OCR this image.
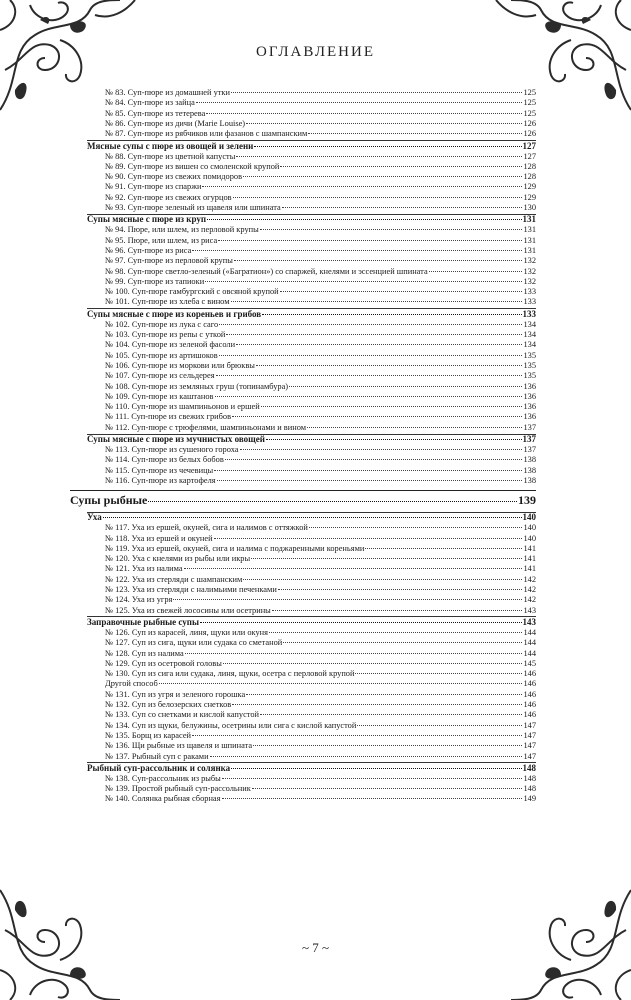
ОГЛАВЛЕНИЕ
№ 83. Суп-пюре из домашней утки	125
№ 84. Суп-пюре из зайца	125
№ 85. Суп-пюре из тетерева	125
№ 86. Суп-пюре из дичи (Marie Louise)	126
№ 87. Суп-пюре из рябчиков или фазанов с шампанским	126
Мясные супы с пюре из овощей и зелени	127
№ 88. Суп-пюре из цветной капусты	127
№ 89. Суп-пюре из вишен со смоленской крупой	128
№ 90. Суп-пюре из свежих помидоров	128
№ 91. Суп-пюре из спаржи	129
№ 92. Суп-пюре из свежих огурцов	129
№ 93. Суп-пюре зеленый из щавеля или шпината	130
Супы мясные с пюре из круп	131
№ 94. Пюре, или шлем, из перловой крупы	131
№ 95. Пюре, или шлем, из риса	131
№ 96. Суп-пюре из риса	131
№ 97. Суп-пюре из перловой крупы	132
№ 98. Суп-пюре светло-зеленый («Багратион») со спаржей, кнелями и эссенцией шпината	132
№ 99. Суп-пюре из тапиоки	132
№ 100. Суп-пюре гамбургский с овсяной крупой	133
№ 101. Суп-пюре из хлеба с вином	133
Супы мясные с пюре из кореньев и грибов	133
№ 102. Суп-пюре из лука с саго	134
№ 103. Суп-пюре из репы с уткой	134
№ 104. Суп-пюре из зеленой фасоли	134
№ 105. Суп-пюре из артишоков	135
№ 106. Суп-пюре из моркови или брюквы	135
№ 107. Суп-пюре из сельдерея	135
№ 108. Суп-пюре из земляных груш (топинамбура)	136
№ 109. Суп-пюре из каштанов	136
№ 110. Суп-пюре из шампиньонов и ершей	136
№ 111. Суп-пюре из свежих грибов	136
№ 112. Суп-пюре с трюфелями, шампиньонами и вином	137
Супы мясные с пюре из мучнистых овощей	137
№ 113. Суп-пюре из сушеного гороха	137
№ 114. Суп-пюре из белых бобов	138
№ 115. Суп-пюре из чечевицы	138
№ 116. Суп-пюре из картофеля	138
Супы рыбные	139
Уха	140
№ 117. Уха из ершей, окуней, сига и налимов с оттяжкой	140
№ 118. Уха из ершей и окуней	140
№ 119. Уха из ершей, окуней, сига и налима с поджаренными кореньями	141
№ 120. Уха с кнелями из рыбы или икры	141
№ 121. Уха из налима	141
№ 122. Уха из стерляди с шампанским	142
№ 123. Уха из стерляди с налимьими печенками	142
№ 124. Уха из угря	142
№ 125. Уха из свежей лососины или осетрины	143
Заправочные рыбные супы	143
№ 126. Суп из карасей, линя, щуки или окуня	144
№ 127. Суп из сига, щуки или судака со сметаной	144
№ 128. Суп из налима	144
№ 129. Суп из осетровой головы	145
№ 130. Суп из сига или судака, линя, щуки, осетра с перловой крупой	146
Другой способ	146
№ 131. Суп из угря и зеленого горошка	146
№ 132. Суп из белозерских снетков	146
№ 133. Суп со снетками и кислой капустой	146
№ 134. Суп из щуки, белужины, осетрины или сига с кислой капустой	147
№ 135. Борщ из карасей	147
№ 136. Щи рыбные из щавеля и шпината	147
№ 137. Рыбный суп с раками	147
Рыбный суп-рассольник и солянка	148
№ 138. Суп-рассольник из рыбы	148
№ 139. Простой рыбный суп-рассольник	148
№ 140. Солянка рыбная сборная	149
~ 7 ~
